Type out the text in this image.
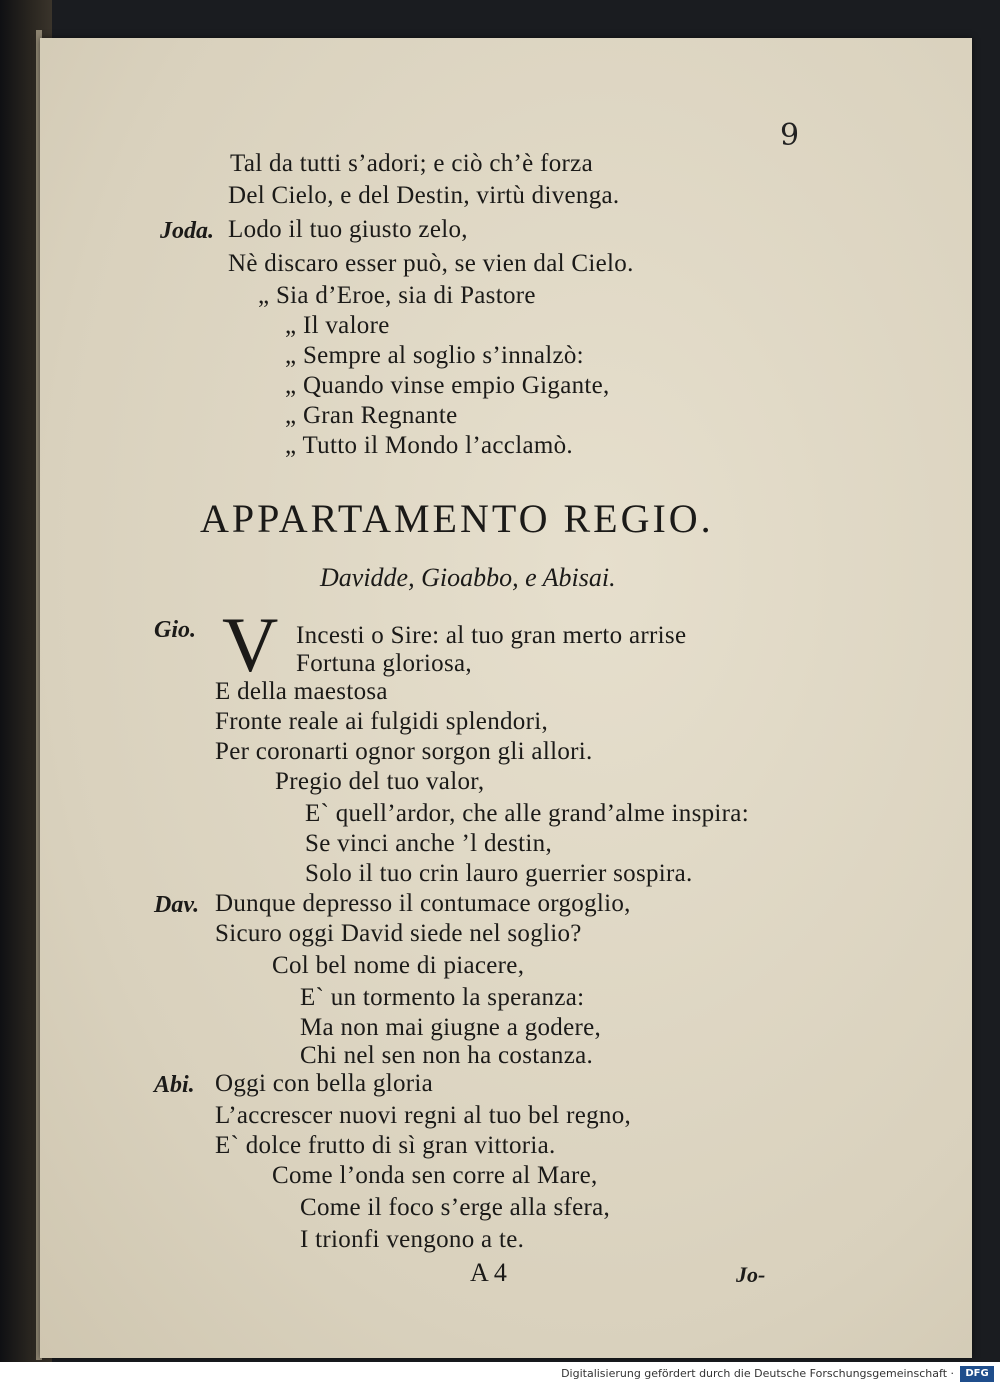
9
Tal da tutti s’adori; e ciò ch’è forza
Del Cielo, e del Destin, virtù divenga.
Lodo il tuo giusto zelo,
Nè discaro esser può, se vien dal Cielo.
„ Sia d’Eroe, sia di Pastore
„ Il valore
„ Sempre al soglio s’innalzò:
„ Quando vinse empio Gigante,
„ Gran Regnante
„ Tutto il Mondo l’acclamò.
Joda.
APPARTAMENTO REGIO.
Davidde, Gioabbo, e Abisai.
V Incesti o Sire: al tuo gran merto arrise
Fortuna gloriosa,
E della maestosa
Fronte reale ai fulgidi splendori,
Per coronarti ognor sorgon gli allori.
Pregio del tuo valor,
E` quell’ardor, che alle grand’alme inspira:
Se vinci anche ’l destin,
Solo il tuo crin lauro guerrier sospira.
Dunque depresso il contumace orgoglio,
Sicuro oggi David siede nel soglio?
Col bel nome di piacere,
E` un tormento la speranza:
Ma non mai giugne a godere,
Chi nel sen non ha costanza.
Oggi con bella gloria
L’accrescer nuovi regni al tuo bel regno,
E` dolce frutto di sì gran vittoria.
Come l’onda sen corre al Mare,
Come il foco s’erge alla sfera,
I trionfi vengono a te.
Gio.
Dav.
Abi.
A 4	Jo-
Digitalisierung gefördert durch die Deutsche Forschungsgemeinschaft ·	DFG
